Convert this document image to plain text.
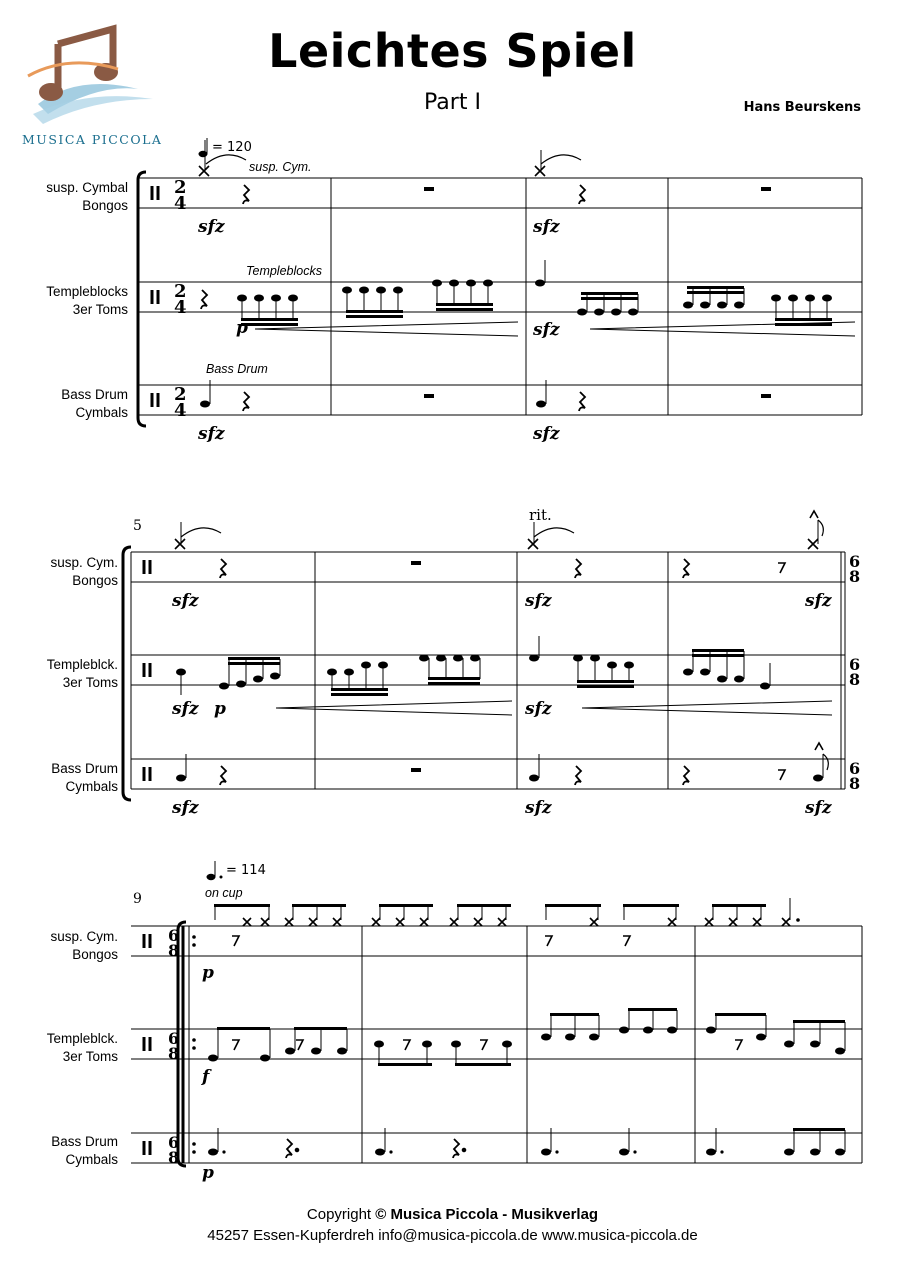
Leichtes Spiel
Part I	Hans Beurskens
MUSICA PICCOLA
susp. Cymbal
Bongos
Templeblocks
3er Toms
Bass Drum
Cymbals
susp. Cym.
Bongos
Templeblck.
3er Toms
Bass Drum
Cymbals
susp. Cym.
Bongos
Templeblck.
3er Toms
Bass Drum
Cymbals
2
4
2
4
2
4
6
8
6
8
6
8
6
8
6
8
6
8
= 120
susp. Cym.
Templeblocks
Bass Drum
sfz	sfz
p	sfz
sfz	sfz
5
rit.
sfz	sfz	sfz
sfz p	sfz
sfz	sfz	sfz
9
= 114
on cup
p
f
p
Copyright © Musica Piccola - Musikverlag
45257 Essen-Kupferdreh info@musica-piccola.de www.musica-piccola.de
